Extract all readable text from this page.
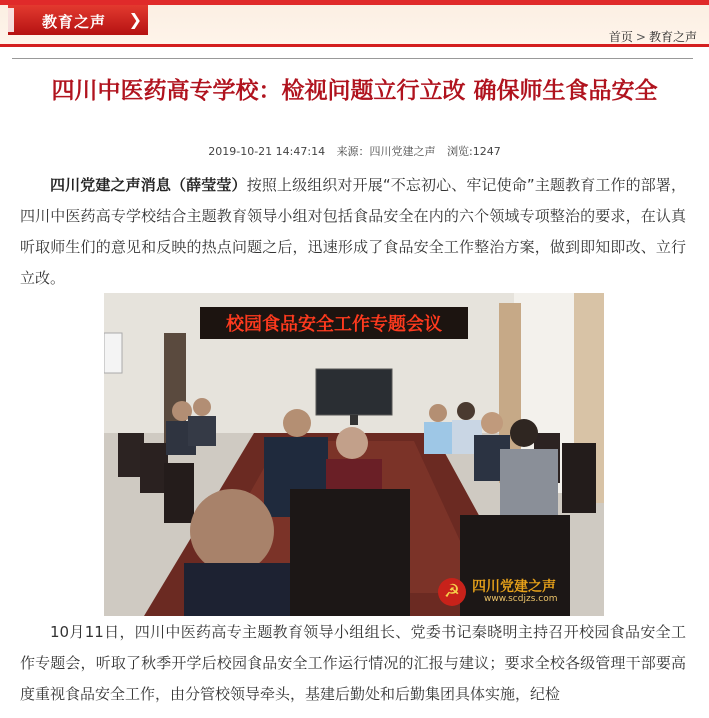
教育之声 ❯
首页 > 教育之声
四川中医药高专学校：检视问题立行立改 确保师生食品安全
2019-10-21 14:47:14 来源：四川党建之声 浏览:1247
四川党建之声消息（薛莹莹）按照上级组织对开展“不忘初心、牢记使命”主题教育工作的部署，四川中医药高专学校结合主题教育领导小组对包括食品安全在内的六个领域专项整治的要求，在认真听取师生们的意见和反映的热点问题之后，迅速形成了食品安全工作整治方案，做到即知即改、立行立改。
校园食品安全工作专题会议
☭ 四川党建之声
www.scdjzs.com
10月11日，四川中医药高专主题教育领导小组组长、党委书记秦晓明主持召开校园食品安全工作专题会，听取了秋季开学后校园食品安全工作运行情况的汇报与建议；要求全校各级管理干部要高度重视食品安全工作，由分管校领导牵头，基建后勤处和后勤集团具体实施，纪检
